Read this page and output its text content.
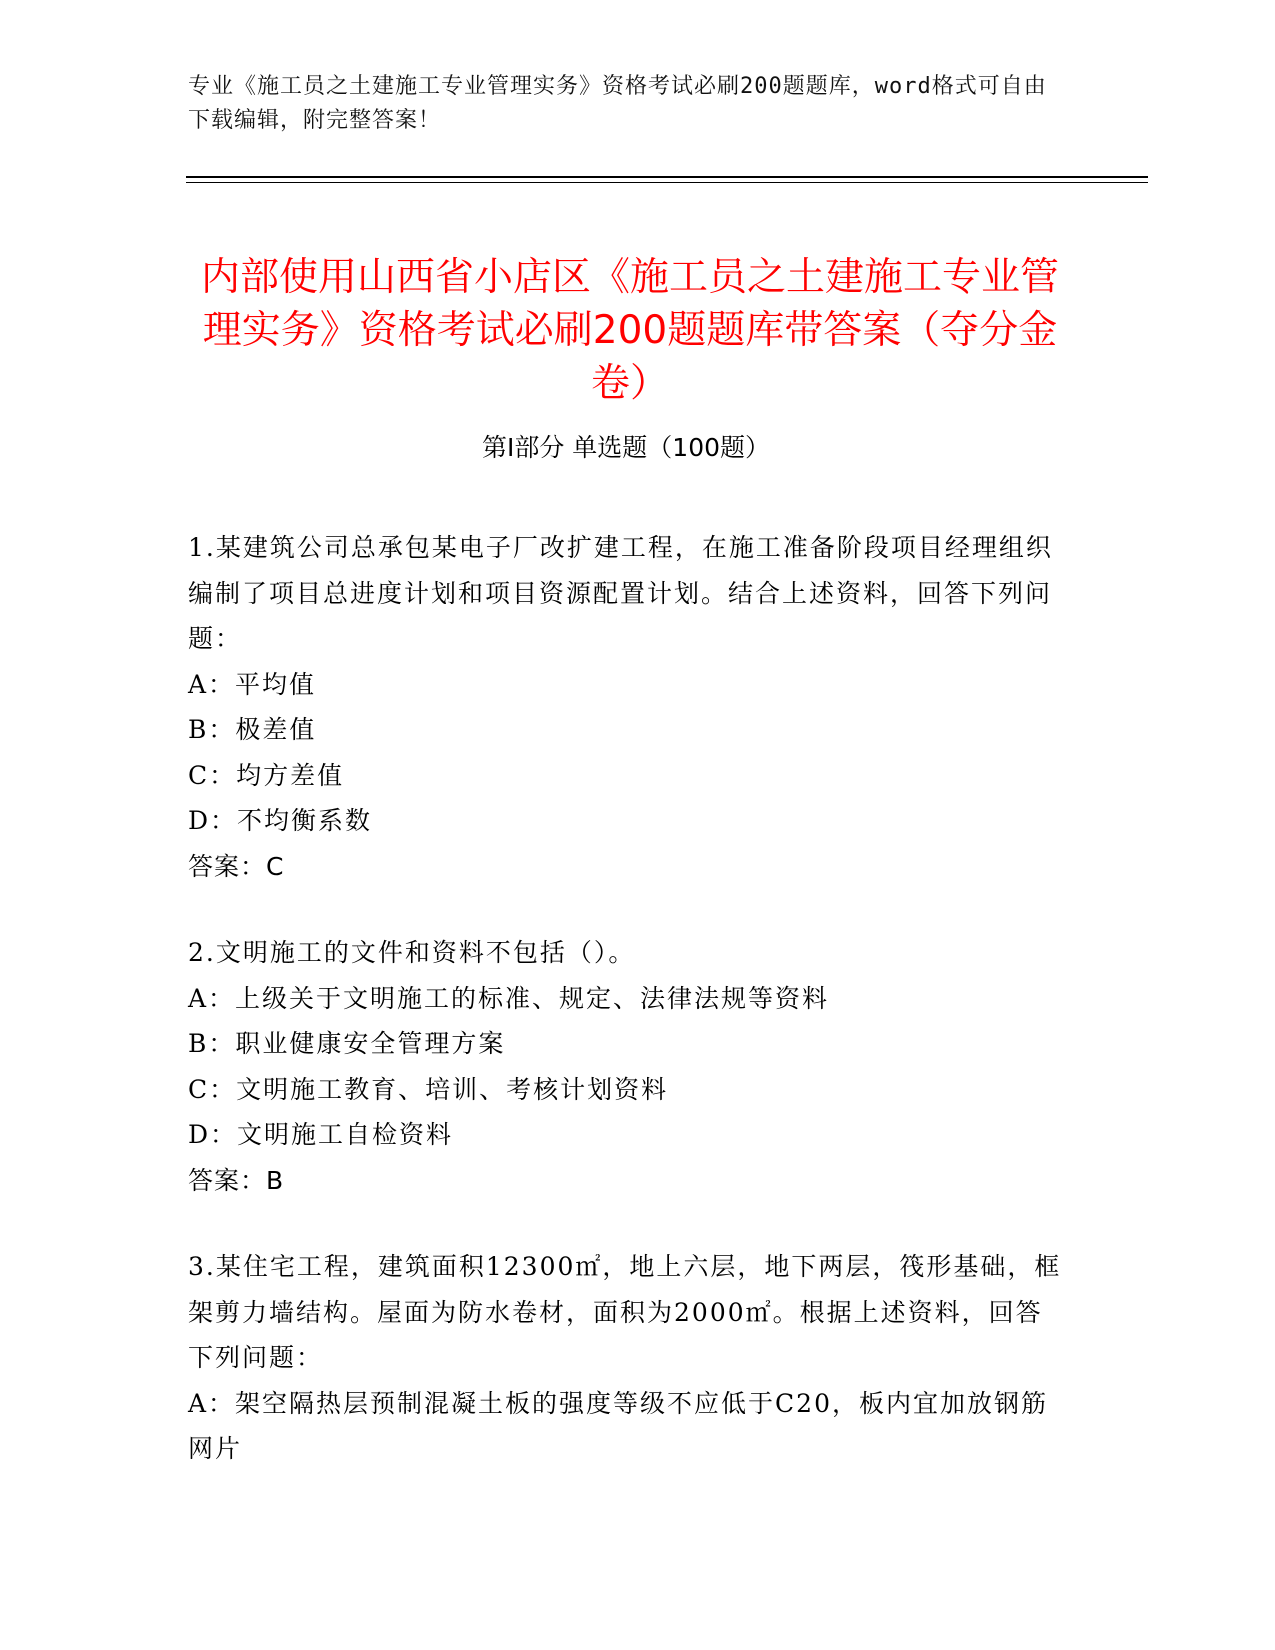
专业《施工员之土建施工专业管理实务》资格考试必刷200题题库，word格式可自由下载编辑，附完整答案！
内部使用山西省小店区《施工员之土建施工专业管理实务》资格考试必刷200题题库带答案（夺分金卷）
第Ⅰ部分 单选题（100题）
1.某建筑公司总承包某电子厂改扩建工程，在施工准备阶段项目经理组织编制了项目总进度计划和项目资源配置计划。结合上述资料，回答下列问题：
A：平均值
B：极差值
C：均方差值
D：不均衡系数
答案：C
2.文明施工的文件和资料不包括（）。
A：上级关于文明施工的标准、规定、法律法规等资料
B：职业健康安全管理方案
C：文明施工教育、培训、考核计划资料
D：文明施工自检资料
答案：B
3.某住宅工程，建筑面积12300㎡，地上六层，地下两层，筏形基础，框架剪力墙结构。屋面为防水卷材，面积为2000㎡。根据上述资料，回答下列问题：
A：架空隔热层预制混凝土板的强度等级不应低于C20，板内宜加放钢筋网片
